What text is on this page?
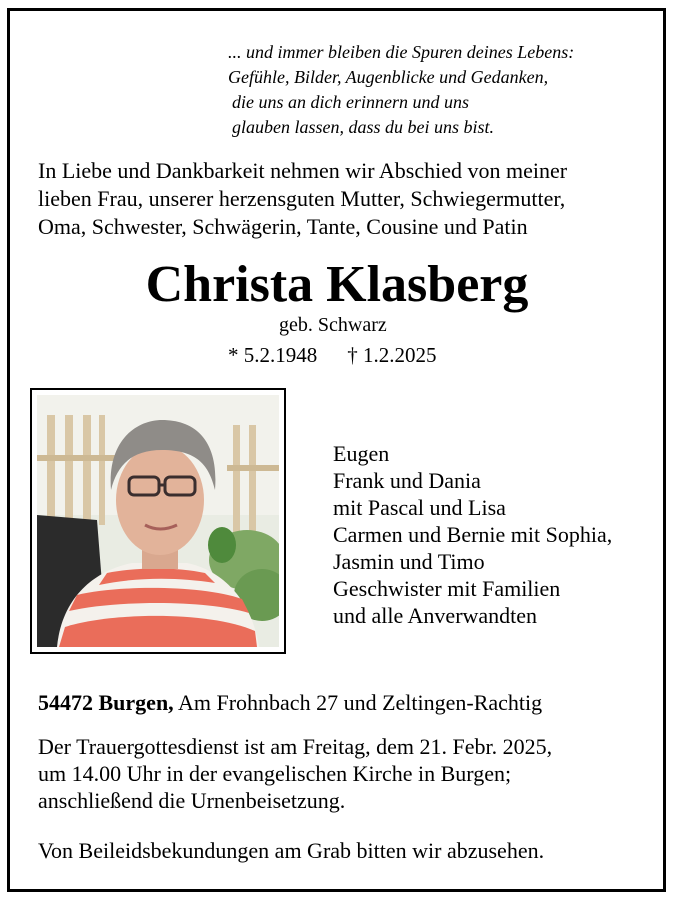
... und immer bleiben die Spuren deines Lebens:
Gefühle, Bilder, Augenblicke und Gedanken,
die uns an dich erinnern und uns
glauben lassen, dass du bei uns bist.
In Liebe und Dankbarkeit nehmen wir Abschied von meiner
lieben Frau, unserer herzensguten Mutter, Schwiegermutter,
Oma, Schwester, Schwägerin, Tante, Cousine und Patin
Christa Klasberg
geb. Schwarz
* 5.2.1948 † 1.2.2025
Eugen
Frank und Dania
mit Pascal und Lisa
Carmen und Bernie mit Sophia,
Jasmin und Timo
Geschwister mit Familien
und alle Anverwandten
54472 Burgen, Am Frohnbach 27 und Zeltingen-Rachtig
Der Trauergottesdienst ist am Freitag, dem 21. Febr. 2025,
um 14.00 Uhr in der evangelischen Kirche in Burgen;
anschließend die Urnenbeisetzung.
Von Beileidsbekundungen am Grab bitten wir abzusehen.
